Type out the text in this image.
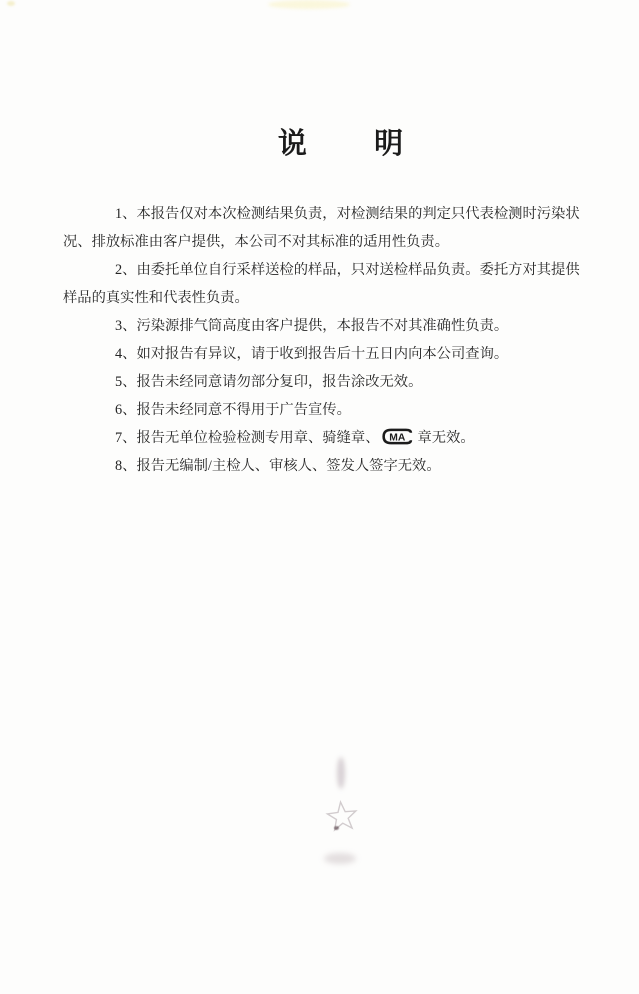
说 明

1、本报告仅对本次检测结果负责，对检测结果的判定只代表检测时污染状况、排放标准由客户提供，本公司不对其标准的适用性负责。

2、由委托单位自行采样送检的样品，只对送检样品负责。委托方对其提供样品的真实性和代表性负责。

3、污染源排气筒高度由客户提供，本报告不对其准确性负责。

4、如对报告有异议，请于收到报告后十五日内向本公司查询。

5、报告未经同意请勿部分复印，报告涂改无效。

6、报告未经同意不得用于广告宣传。

7、报告无单位检验检测专用章、骑缝章、 MA 章无效。

8、报告无编制/主检人、审核人、签发人签字无效。
